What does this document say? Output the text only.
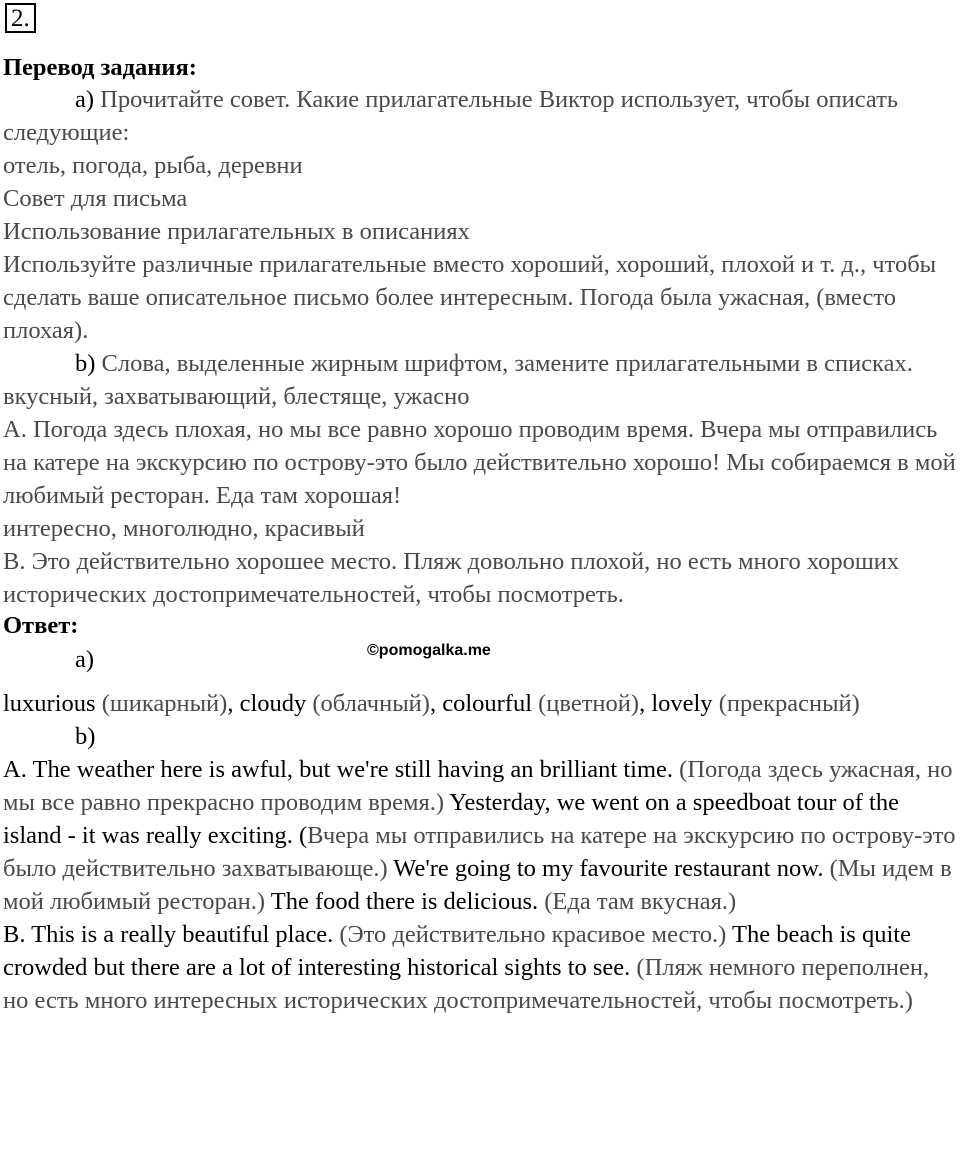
2.
Перевод задания:

a) Прочитайте совет. Какие прилагательные Виктор использует, чтобы описать следующие:

отель, погода, рыба, деревни

Совет для письма

Использование прилагательных в описаниях

Используйте различные прилагательные вместо хороший, хороший, плохой и т. д., чтобы сделать ваше описательное письмо более интересным. Погода была ужасная, (вместо плохая).

b) Слова, выделенные жирным шрифтом, замените прилагательными в списках.

вкусный, захватывающий, блестяще, ужасно

А. Погода здесь плохая, но мы все равно хорошо проводим время. Вчера мы отправились на катере на экскурсию по острову-это было действительно хорошо! Мы собираемся в мой любимый ресторан. Еда там хорошая!

интересно, многолюдно, красивый

В. Это действительно хорошее место. Пляж довольно плохой, но есть много хороших исторических достопримечательностей, чтобы посмотреть.

Ответ:

a)

luxurious (шикарный), cloudy (облачный), colourful (цветной), lovely (прекрасный)

b)

A. The weather here is awful, but we're still having an brilliant time. (Погода здесь ужасная, но мы все равно прекрасно проводим время.) Yesterday, we went on a speedboat tour of the island - it was really exciting. (Вчера мы отправились на катере на экскурсию по острову-это было действительно захватывающе.) We're going to my favourite restaurant now. (Мы идем в мой любимый ресторан.) The food there is delicious. (Еда там вкусная.)

B. This is a really beautiful place. (Это действительно красивое место.) The beach is quite crowded but there are a lot of interesting historical sights to see. (Пляж немного переполнен, но есть много интересных исторических достопримечательностей, чтобы посмотреть.)

©pomogalka.me
